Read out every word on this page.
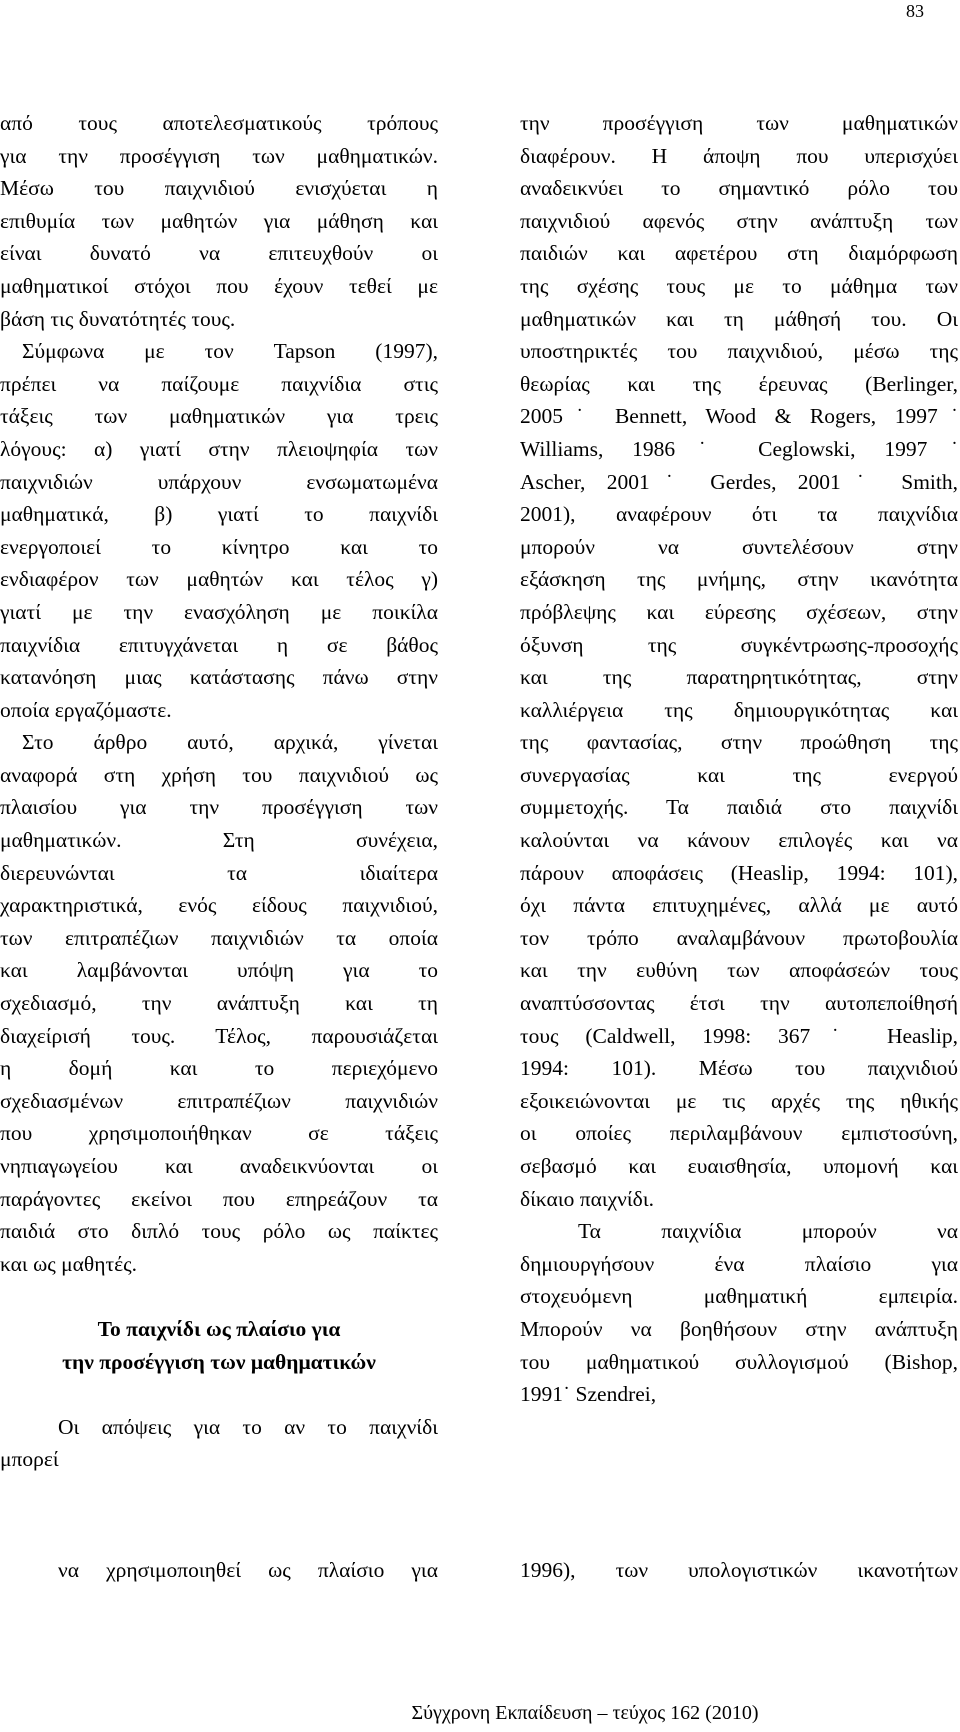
83
από τους αποτελεσματικούς τρόπους
για την προσέγγιση των μαθηματικών.
Μέσω του παιχνιδιού ενισχύεται η
επιθυμία των μαθητών για μάθηση και
είναι δυνατό να επιτευχθούν οι
μαθηματικοί στόχοι που έχουν τεθεί με
βάση τις δυνατότητές τους.
Σύμφωνα με τον Tapson (1997),
πρέπει να παίζουμε παιχνίδια στις
τάξεις των μαθηματικών για τρεις
λόγους: α) γιατί στην πλειοψηφία των
παιχνιδιών υπάρχουν ενσωματωμένα
μαθηματικά, β) γιατί το παιχνίδι
ενεργοποιεί το κίνητρο και το
ενδιαφέρον των μαθητών και τέλος γ)
γιατί με την ενασχόληση με ποικίλα
παιχνίδια επιτυγχάνεται η σε βάθος
κατανόηση μιας κατάστασης πάνω στην
οποία εργαζόμαστε.
Στο άρθρο αυτό, αρχικά, γίνεται
αναφορά στη χρήση του παιχνιδιού ως
πλαισίου για την προσέγγιση των
μαθηματικών. Στη συνέχεια,
διερευνώνται τα ιδιαίτερα
χαρακτηριστικά, ενός είδους παιχνιδιού,
των επιτραπέζιων παιχνιδιών τα οποία
και λαμβάνονται υπόψη για το
σχεδιασμό, την ανάπτυξη και τη
διαχείρισή τους. Τέλος, παρουσιάζεται
η δομή και το περιεχόμενο
σχεδιασμένων επιτραπέζιων παιχνιδιών
που χρησιμοποιήθηκαν σε τάξεις
νηπιαγωγείου και αναδεικνύονται οι
παράγοντες εκείνοι που επηρεάζουν τα
παιδιά στο διπλό τους ρόλο ως παίκτες
και ως μαθητές.
Το παιχνίδι ως πλαίσιο για
την προσέγγιση των μαθηματικών
Οι απόψεις για το αν το παιχνίδι
μπορεί
την προσέγγιση των μαθηματικών
διαφέρουν. Η άποψη που υπερισχύει
αναδεικνύει το σημαντικό ρόλο του
παιχνιδιού αφενός στην ανάπτυξη των
παιδιών και αφετέρου στη διαμόρφωση
της σχέσης τους με το μάθημα των
μαθηματικών και τη μάθησή του. Οι
υποστηρικτές του παιχνιδιού, μέσω της
θεωρίας και της έρευνας (Berlinger,
2005˙ Bennett, Wood & Rogers, 1997˙
Williams, 1986˙ Ceglowski, 1997˙
Ascher, 2001˙ Gerdes, 2001˙ Smith,
2001), αναφέρουν ότι τα παιχνίδια
μπορούν να συντελέσουν στην
εξάσκηση της μνήμης, στην ικανότητα
πρόβλεψης και εύρεσης σχέσεων, στην
όξυνση της συγκέντρωσης-προσοχής
και της παρατηρητικότητας, στην
καλλιέργεια της δημιουργικότητας και
της φαντασίας, στην προώθηση της
συνεργασίας και της ενεργού
συμμετοχής. Τα παιδιά στο παιχνίδι
καλούνται να κάνουν επιλογές και να
πάρουν αποφάσεις (Heaslip, 1994: 101),
όχι πάντα επιτυχημένες, αλλά με αυτό
τον τρόπο αναλαμβάνουν πρωτοβουλία
και την ευθύνη των αποφάσεών τους
αναπτύσσοντας έτσι την αυτοπεποίθησή
τους (Caldwell, 1998: 367˙ Heaslip,
1994: 101). Μέσω του παιχνιδιού
εξοικειώνονται με τις αρχές της ηθικής
οι οποίες περιλαμβάνουν εμπιστοσύνη,
σεβασμό και ευαισθησία, υπομονή και
δίκαιο παιχνίδι.
Τα παιχνίδια μπορούν να
δημιουργήσουν ένα πλαίσιο για
στοχευόμενη μαθηματική εμπειρία.
Μπορούν να βοηθήσουν στην ανάπτυξη
του μαθηματικού συλλογισμού (Bishop,
1991˙ Szendrei,
να χρησιμοποιηθεί ως πλαίσιο για	1996), των υπολογιστικών ικανοτήτων
Σύγχρονη Εκπαίδευση – τεύχος 162 (2010)
